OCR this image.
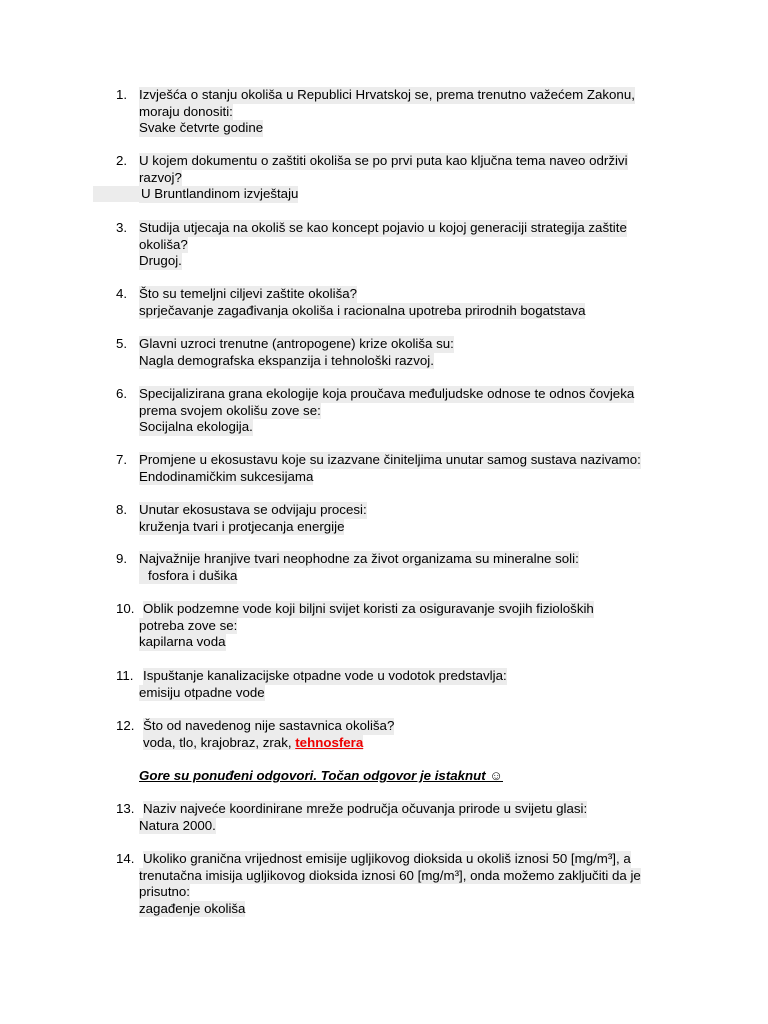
1. Izvješća o stanju okoliša u Republici Hrvatskoj se, prema trenutno važećem Zakonu,
moraju donositi:
Svake četvrte godine
2. U kojem dokumentu o zaštiti okoliša se po prvi puta kao ključna tema naveo održivi
razvoj?
U Bruntlandinom izvještaju
3. Studija utjecaja na okoliš se kao koncept pojavio u kojoj generaciji strategija zaštite
okoliša?
Drugoj.
4. Što su temeljni ciljevi zaštite okoliša?
sprječavanje zagađivanja okoliša i racionalna upotreba prirodnih bogatstava
5. Glavni uzroci trenutne (antropogene) krize okoliša su:
Nagla demografska ekspanzija i tehnološki razvoj.
6. Specijalizirana grana ekologije koja proučava međuljudske odnose te odnos čovjeka
prema svojem okolišu zove se:
Socijalna ekologija.
7. Promjene u ekosustavu koje su izazvane činiteljima unutar samog sustava nazivamo:
Endodinamičkim sukcesijama
8. Unutar ekosustava se odvijaju procesi:
kruženja tvari i protjecanja energije
9. Najvažnije hranjive tvari neophodne za život organizama su mineralne soli:
fosfora i dušika
10. Oblik podzemne vode koji biljni svijet koristi za osiguravanje svojih fizioloških
potreba zove se:
kapilarna voda
11. Ispuštanje kanalizacijske otpadne vode u vodotok predstavlja:
emisiju otpadne vode
12. Što od navedenog nije sastavnica okoliša?
voda, tlo, krajobraz, zrak, tehnosfera
Gore su ponuđeni odgovori. Točan odgovor je istaknut ☺
13. Naziv najveće koordinirane mreže područja očuvanja prirode u svijetu glasi:
Natura 2000.
14. Ukoliko granična vrijednost emisije ugljikovog dioksida u okoliš iznosi 50 [mg/m³], a
trenutačna imisija ugljikovog dioksida iznosi 60 [mg/m³], onda možemo zaključiti da je
prisutno:
zagađenje okoliša
